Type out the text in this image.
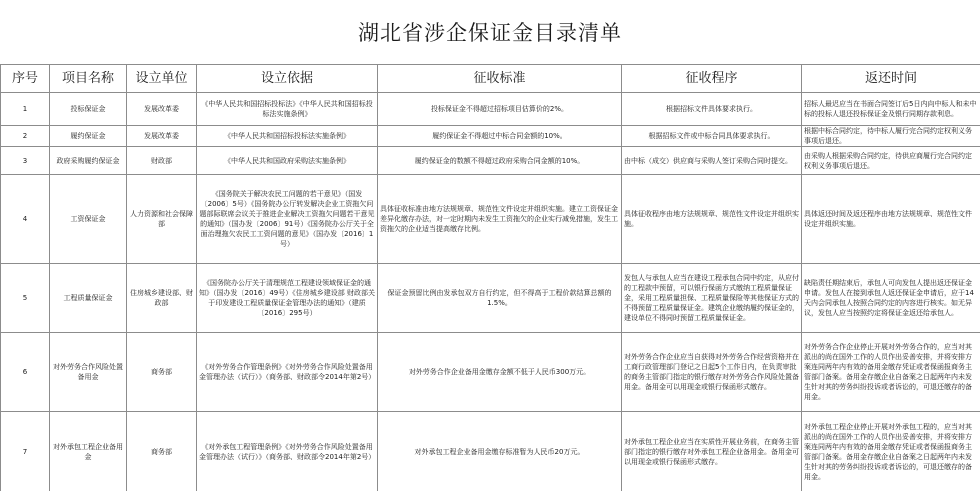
湖北省涉企保证金目录清单
序号	项目名称	设立单位	设立依据	征收标准	征收程序	返还时间
1	投标保证金	发展改革委	《中华人民共和国招标投标法》《中华人民共和国招标投标法实施条例》	投标保证金不得超过招标项目估算价的2%。	根据招标文件具体要求执行。	招标人最迟应当在书面合同签订后5日内向中标人和未中标的投标人退还投标保证金及银行同期存款利息。
2	履约保证金	发展改革委	《中华人民共和国招标投标法实施条例》	履约保证金不得超过中标合同金额的10%。	根据招标文件或中标合同具体要求执行。	根据中标合同约定，待中标人履行完合同约定权利义务事项后退还。
3	政府采购履约保证金	财政部	《中华人民共和国政府采购法实施条例》	履约保证金的数额不得超过政府采购合同金额的10%。	由中标（成交）供应商与采购人签订采购合同时提交。	由采购人根据采购合同约定，待供应商履行完合同约定权利义务事项后退还。
4	工资保证金	人力资源和社会保障部	《国务院关于解决农民工问题的若干意见》（国发〔2006〕5号）《国务院办公厅转发解决企业工资拖欠问题部际联席会议关于推进企业解决工资拖欠问题若干意见的通知》（国办发〔2006〕91号）《国务院办公厅关于全面治理拖欠农民工工资问题的意见》（国办发〔2016〕1号）	具体征收标准由地方法规规章、规范性文件设定并组织实施。建立工资保证金差异化缴存办法，对一定时期内未发生工资拖欠的企业实行减免措施，发生工资拖欠的企业适当提高缴存比例。	具体征收程序由地方法规规章、规范性文件设定并组织实施。	具体返还时间及返还程序由地方法规规章、规范性文件设定并组织实施。
5	工程质量保证金	住房城乡建设部、财政部	《国务院办公厅关于清理规范工程建设领域保证金的通知》（国办发〔2016〕49号）《住房城乡建设部 财政部关于印发建设工程质量保证金管理办法的通知》（建质〔2016〕295号）	保证金预留比例由发承包双方自行约定，但不得高于工程价款结算总额的1.5%。	发包人与承包人应当在建设工程承包合同中约定，从应付的工程款中预留，可以银行保函方式缴纳工程质量保证金，采用工程质量担保、工程质量保险等其他保证方式的不得预留工程质量保证金。建筑企业缴纳履约保证金的，建设单位不得同时预留工程质量保证金。	缺陷责任期结束后，承包人可向发包人提出返还保证金申请。发包人在接到承包人返还保证金申请后，应于14天内会同承包人按照合同约定的内容进行核实。如无异议，发包人应当按照约定将保证金返还给承包人。
6	对外劳务合作风险处置备用金	商务部	《对外劳务合作管理条例》《对外劳务合作风险处置备用金管理办法（试行）》（商务部、财政部令2014年第2号）	对外劳务合作企业备用金缴存金额不低于人民币300万元。	对外劳务合作企业应当自获得对外劳务合作经营资格并在工商行政管理部门登记之日起5个工作日内，在负责审批的商务主管部门指定的银行缴存对外劳务合作风险处置备用金。备用金可以用现金或银行保函形式缴存。	对外劳务合作企业停止开展对外劳务合作的，应当对其派出的尚在国外工作的人员作出妥善安排，并将安排方案连同两年内有效的备用金缴存凭证或者保函报商务主管部门备案。备用金存缴企业自备案之日起两年内未发生针对其的劳务纠纷投诉或者诉讼的，可退还缴存的备用金。
7	对外承包工程企业备用金	商务部	《对外承包工程管理条例》《对外劳务合作风险处置备用金管理办法（试行）》（商务部、财政部令2014年第2号）	对外承包工程企业备用金缴存标准暂为人民币20万元。	对外承包工程企业应当在实质性开展业务前，在商务主管部门指定的银行缴存对外承包工程企业备用金。备用金可以用现金或银行保函形式缴存。	对外承包工程企业停止开展对外承包工程的，应当对其派出的尚在国外工作的人员作出妥善安排，并将安排方案连同两年内有效的备用金缴存凭证或者保函报商务主管部门备案。备用金存缴企业自备案之日起两年内未发生针对其的劳务纠纷投诉或者诉讼的，可退还缴存的备用金。
